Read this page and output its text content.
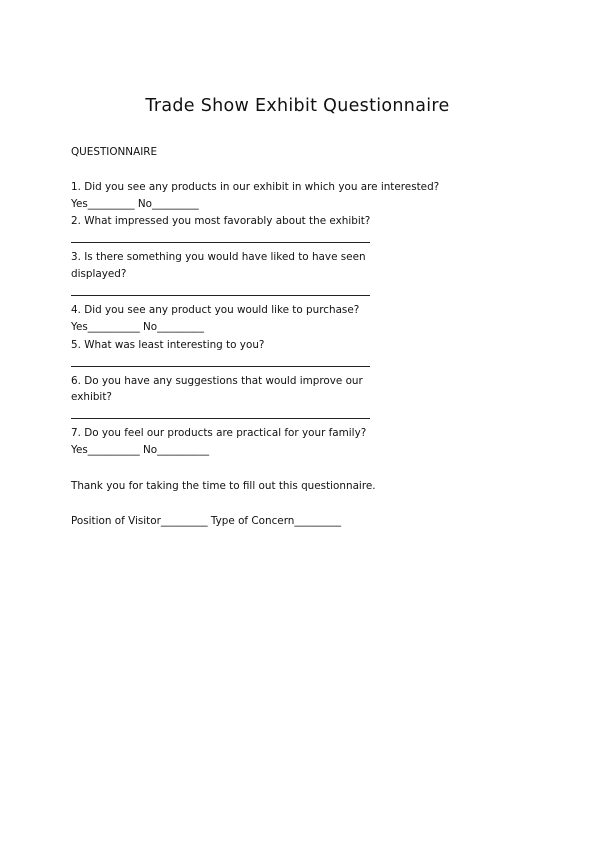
Trade Show Exhibit Questionnaire
QUESTIONNAIRE
1. Did you see any products in our exhibit in which you are interested?
Yes_________ No_________
2. What impressed you most favorably about the exhibit?
3. Is there something you would have liked to have seen
displayed?
4. Did you see any product you would like to purchase?
Yes__________ No_________
5. What was least interesting to you?
6. Do you have any suggestions that would improve our
exhibit?
7. Do you feel our products are practical for your family?
Yes__________ No__________
Thank you for taking the time to fill out this questionnaire.
Position of Visitor_________ Type of Concern_________
